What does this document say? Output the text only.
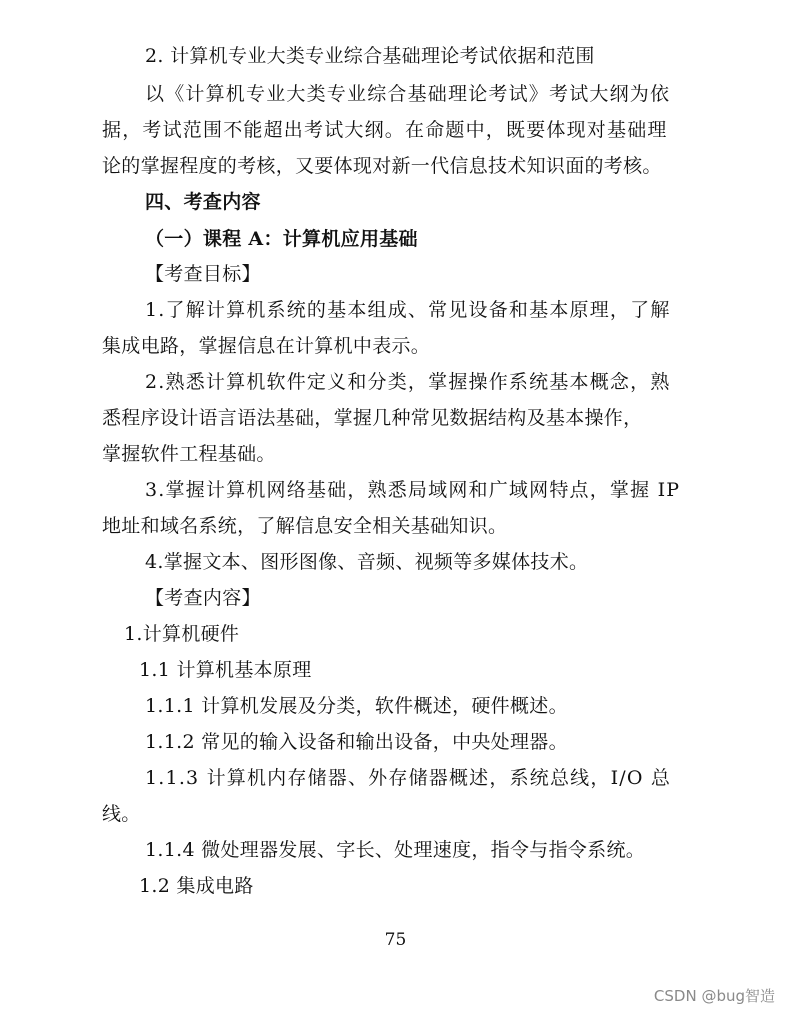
2. 计算机专业大类专业综合基础理论考试依据和范围
以《计算机专业大类专业综合基础理论考试》考试大纲为依
据，考试范围不能超出考试大纲。在命题中，既要体现对基础理
论的掌握程度的考核，又要体现对新一代信息技术知识面的考核。
四、考查内容
（一）课程 A：计算机应用基础
【考查目标】
1.了解计算机系统的基本组成、常见设备和基本原理，了解
集成电路，掌握信息在计算机中表示。
2.熟悉计算机软件定义和分类，掌握操作系统基本概念，熟
悉程序设计语言语法基础，掌握几种常见数据结构及基本操作，
掌握软件工程基础。
3.掌握计算机网络基础，熟悉局域网和广域网特点，掌握 IP
地址和域名系统，了解信息安全相关基础知识。
4.掌握文本、图形图像、音频、视频等多媒体技术。
【考查内容】
1.计算机硬件
1.1 计算机基本原理
1.1.1 计算机发展及分类，软件概述，硬件概述。
1.1.2 常见的输入设备和输出设备，中央处理器。
1.1.3 计算机内存储器、外存储器概述，系统总线，I/O 总
线。
1.1.4 微处理器发展、字长、处理速度，指令与指令系统。
1.2 集成电路
75
CSDN @bug智造
